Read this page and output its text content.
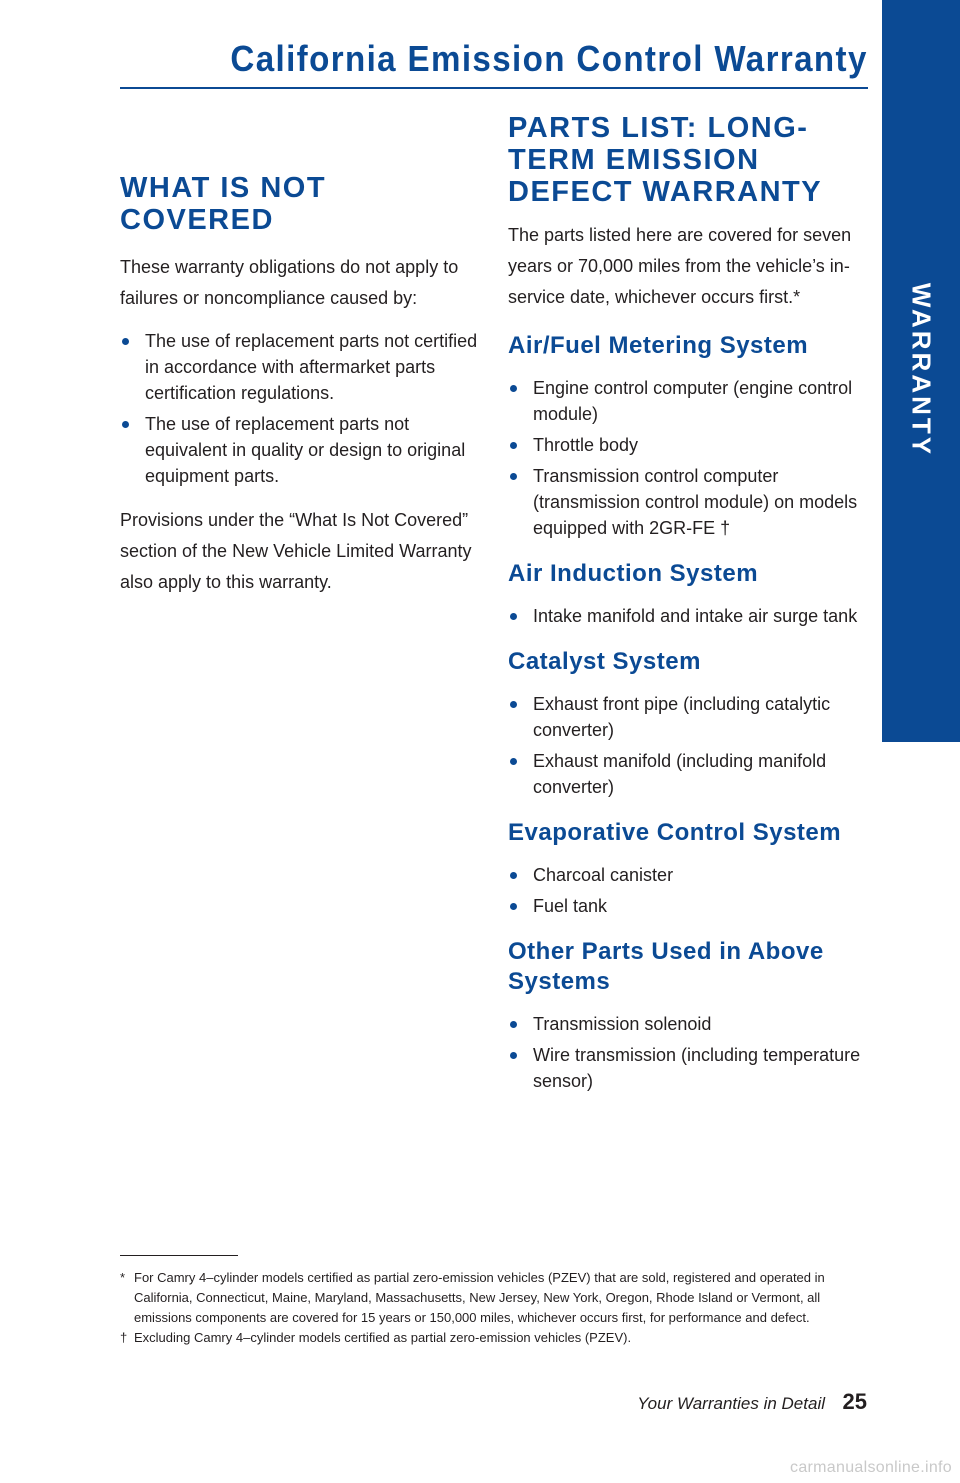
California Emission Control Warranty
WARRANTY
WHAT IS NOT COVERED

These warranty obligations do not apply to failures or noncompliance caused by:

The use of replacement parts not certified in accordance with aftermarket parts certification regulations.
The use of replacement parts not equivalent in quality or design to original equipment parts.

Provisions under the “What Is Not Covered” section of the New Vehicle Limited Warranty also apply to this warranty.

PARTS LIST: LONG-TERM EMISSION DEFECT WARRANTY

The parts listed here are covered for seven years or 70,000 miles from the vehicle’s in-service date, whichever occurs first.*

Air/Fuel Metering System
Engine control computer (engine control module)
Throttle body
Transmission control computer (transmission control module) on models equipped with 2GR-FE †
Air Induction System
Intake manifold and intake air surge tank
Catalyst System
Exhaust front pipe (including catalytic converter)
Exhaust manifold (including manifold converter)
Evaporative Control System
Charcoal canister
Fuel tank
Other Parts Used in Above Systems
Transmission solenoid
Wire transmission (including temperature sensor)

* For Camry 4–cylinder models certified as partial zero-emission vehicles (PZEV) that are sold, registered and operated in California, Connecticut, Maine, Maryland, Massachusetts, New Jersey, New York, Oregon, Rhode Island or Vermont, all emissions components are covered for 15 years or 150,000 miles, whichever occurs first, for performance and defect.

† Excluding Camry 4–cylinder models certified as partial zero-emission vehicles (PZEV).

Your Warranties in Detail 25
carmanualsonline.info
